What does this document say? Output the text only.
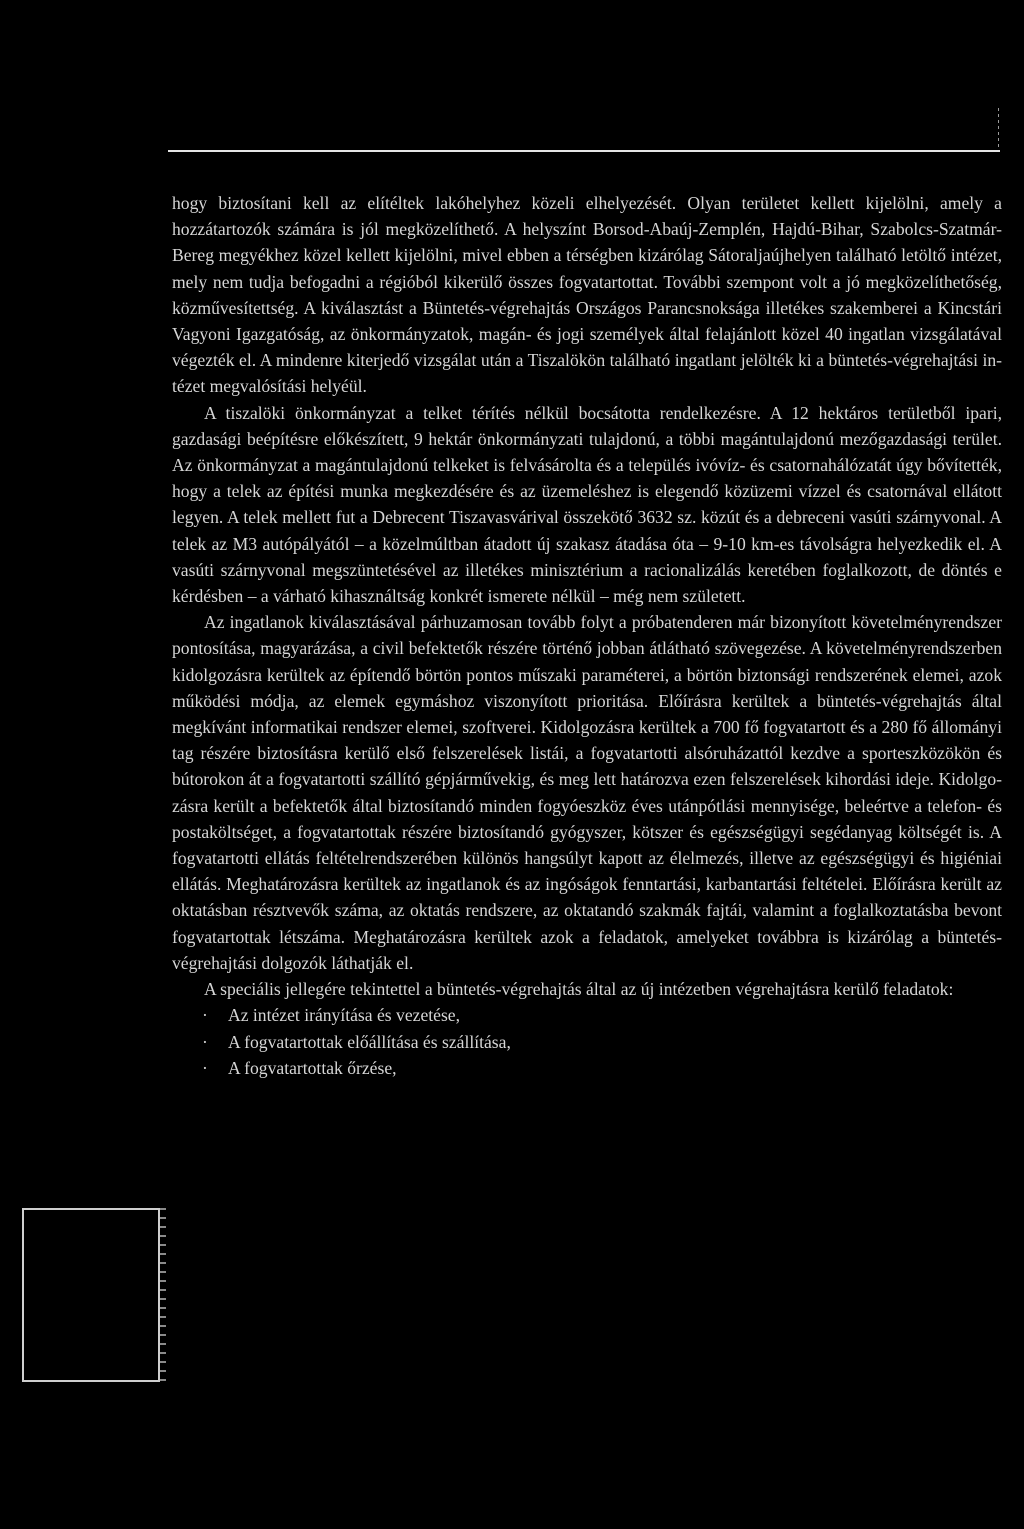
hogy biztosítani kell az elítéltek lakóhelyhez közeli elhelyezését. Olyan területet kellett kijelölni, amely a hozzátartozók számára is jól megközelíthető. A helyszínt Borsod-Abaúj-Zemplén, Hajdú-Bihar, Szabolcs-Szatmár-Bereg megyékhez közel kellett kijelölni, mivel ebben a térségben kizárólag Sátoraljaújhelyen található letöltő intézet, mely nem tudja befogadni a régióból kikerülő összes fogvatartottat. További szempont volt a jó megközelíthetőség, közművesítettség. A kiválasztást a Büntetés-végrehajtás Országos Parancsnoksága illetékes szakemberei a Kincstári Vagyoni Igazgatóság, az önkormányzatok, magán- és jogi személyek által felajánlott közel 40 ingatlan vizsgálatával végezték el. A mindenre kiterjedő vizsgálat után a Tiszalökön található ingatlant jelölték ki a büntetés-végrehajtási intézet megvalósítási helyéül.

A tiszalöki önkormányzat a telket térítés nélkül bocsátotta rendelkezésre. A 12 hektáros területből ipari, gazdasági beépítésre előkészített, 9 hektár önkormányzati tulajdonú, a többi magántulajdonú mezőgazdasági terület. Az önkormányzat a magántulajdonú telkeket is felvásárolta és a település ivóvíz- és csatornahálózatát úgy bővítették, hogy a telek az építési munka megkezdésére és az üzemeléshez is elegendő közüzemi vízzel és csatornával ellátott legyen. A telek mellett fut a Debrecent Tiszavasvárival összekötő 3632 sz. közút és a debreceni vasúti szárnyvonal. A telek az M3 autópályától – a közelmúltban átadott új szakasz átadása óta – 9-10 km-es távolságra helyezkedik el. A vasúti szárnyvonal megszüntetésével az illetékes minisztérium a racionalizálás keretében foglalkozott, de döntés e kérdésben – a várható kihasználtság konkrét ismerete nélkül – még nem született.

Az ingatlanok kiválasztásával párhuzamosan tovább folyt a próbatenderen már bizonyított követelményrendszer pontosítása, magyarázása, a civil befektetők részére történő jobban átlátható szövegezése. A követelményrendszerben kidolgozásra kerültek az építendő börtön pontos műszaki paraméterei, a börtön biztonsági rendszerének elemei, azok működési módja, az elemek egymáshoz viszonyított prioritása. Előírásra kerültek a büntetés-végrehajtás által megkívánt informatikai rendszer elemei, szoftverei. Kidolgozásra kerültek a 700 fő fogvatartott és a 280 fő állományi tag részére biztosításra kerülő első felszerelések listái, a fogvatartotti alsóruházattól kezdve a sporteszközökön és bútorokon át a fogvatartotti szállító gépjárművekig, és meg lett határozva ezen felszerelések kihordási ideje. Kidolgozásra került a befektetők által biztosítandó minden fogyóeszköz éves utánpótlási mennyisége, beleértve a telefon- és postaköltséget, a fogvatartottak részére biztosítandó gyógyszer, kötszer és egészségügyi segédanyag költségét is. A fogvatartotti ellátás feltételrendszerében különös hangsúlyt kapott az élelmezés, illetve az egészségügyi és higiéniai ellátás. Meghatározásra kerültek az ingatlanok és az ingóságok fenntartási, karbantartási feltételei. Előírásra került az oktatásban résztvevők száma, az oktatás rendszere, az oktatandó szakmák fajtái, valamint a foglalkoztatásba bevont fogvatartottak létszáma. Meghatározásra kerültek azok a feladatok, amelyeket továbbra is kizárólag a büntetés-végrehajtási dolgozók láthatják el.

A speciális jellegére tekintettel a büntetés-végrehajtás által az új intézetben végrehajtásra kerülő feladatok:

· Az intézet irányítása és vezetése,
· A fogvatartottak előállítása és szállítása,
· A fogvatartottak őrzése,
